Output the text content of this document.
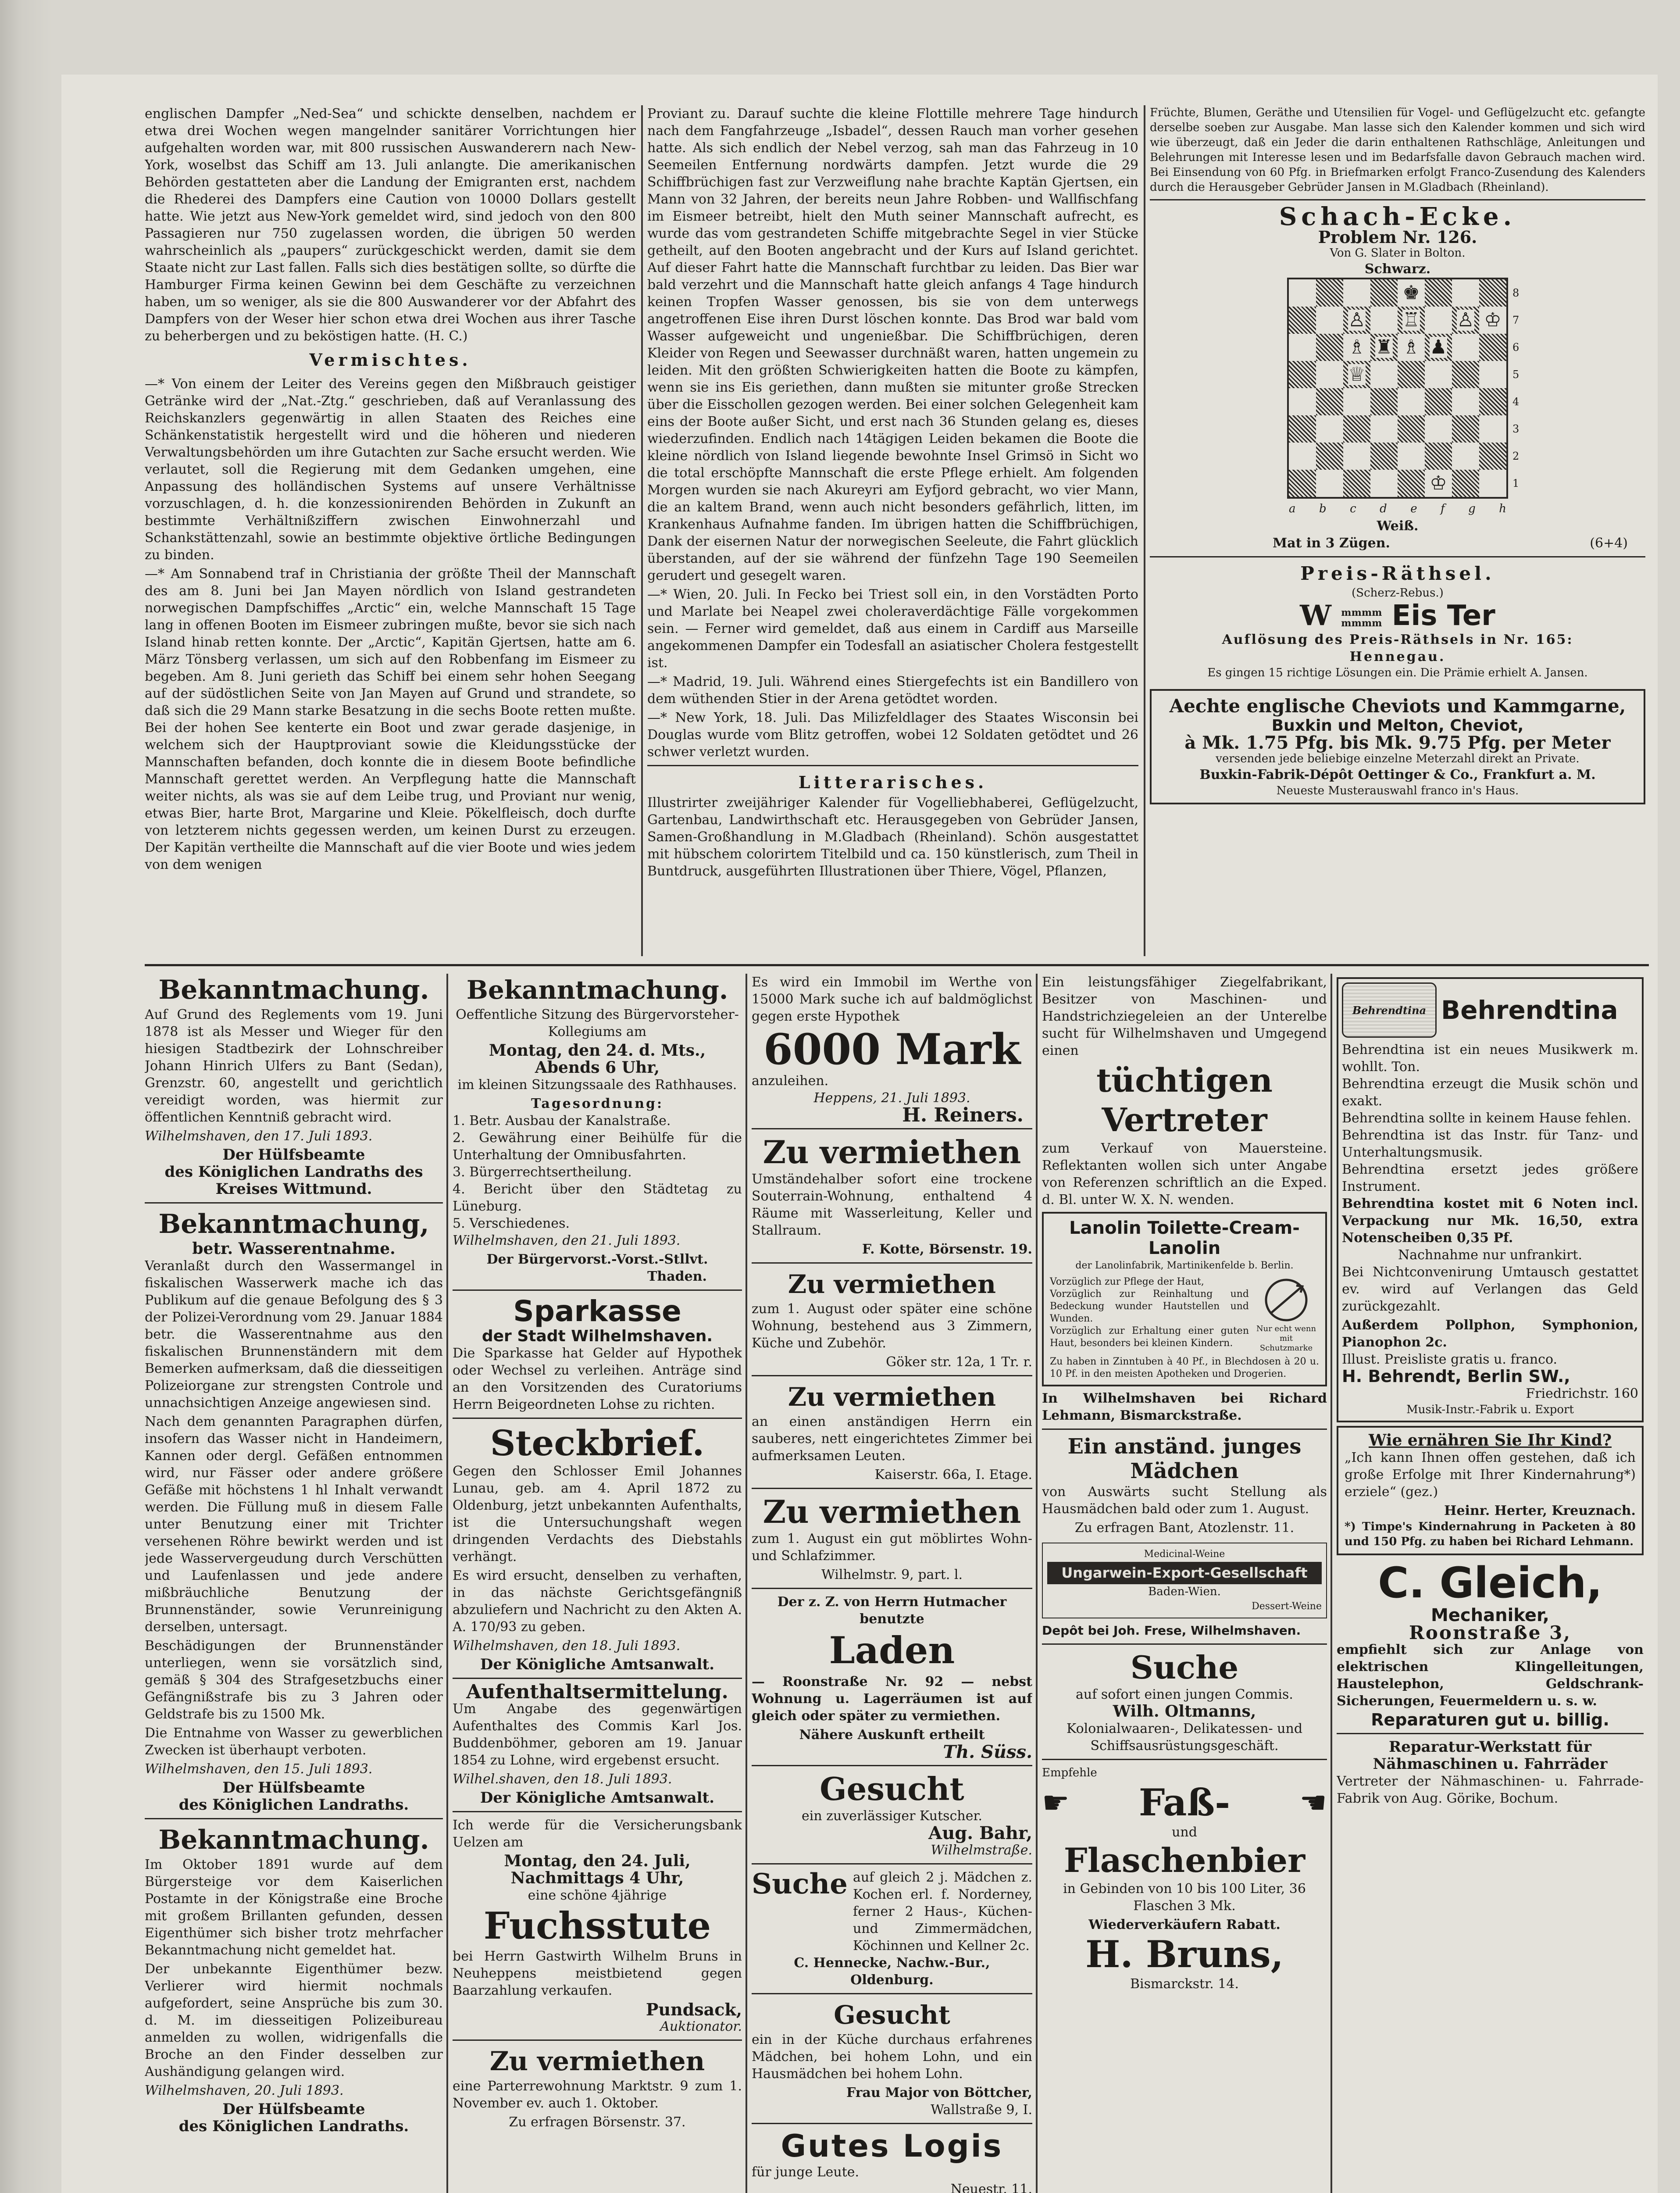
englischen Dampfer „Ned-Sea“ und schickte denselben, nachdem er etwa drei Wochen wegen mangelnder sanitärer Vorrichtungen hier aufgehalten worden war, mit 800 russischen Auswanderern nach New-York, woselbst das Schiff am 13. Juli anlangte. Die amerikanischen Behörden gestatteten aber die Landung der Emigranten erst, nachdem die Rhederei des Dampfers eine Caution von 10000 Dollars gestellt hatte. Wie jetzt aus New-York gemeldet wird, sind jedoch von den 800 Passagieren nur 750 zugelassen worden, die übrigen 50 werden wahrscheinlich als „paupers“ zurückgeschickt werden, damit sie dem Staate nicht zur Last fallen. Falls sich dies bestätigen sollte, so dürfte die Hamburger Firma keinen Gewinn bei dem Geschäfte zu verzeichnen haben, um so weniger, als sie die 800 Auswanderer vor der Abfahrt des Dampfers von der Weser hier schon etwa drei Wochen aus ihrer Tasche zu beherbergen und zu beköstigen hatte. (H. C.)

Vermischtes.

—* Von einem der Leiter des Vereins gegen den Mißbrauch geistiger Getränke wird der „Nat.-Ztg.“ geschrieben, daß auf Veranlassung des Reichskanzlers gegenwärtig in allen Staaten des Reiches eine Schänkenstatistik hergestellt wird und die höheren und niederen Verwaltungsbehörden um ihre Gutachten zur Sache ersucht werden. Wie verlautet, soll die Regierung mit dem Gedanken umgehen, eine Anpassung des holländischen Systems auf unsere Verhältnisse vorzuschlagen, d. h. die konzessionirenden Behörden in Zukunft an bestimmte Verhältnißziffern zwischen Einwohnerzahl und Schankstättenzahl, sowie an bestimmte objektive örtliche Bedingungen zu binden.

—* Am Sonnabend traf in Christiania der größte Theil der Mannschaft des am 8. Juni bei Jan Mayen nördlich von Island gestrandeten norwegischen Dampfschiffes „Arctic“ ein, welche Mannschaft 15 Tage lang in offenen Booten im Eismeer zubringen mußte, bevor sie sich nach Island hinab retten konnte. Der „Arctic“, Kapitän Gjertsen, hatte am 6. März Tönsberg verlassen, um sich auf den Robbenfang im Eismeer zu begeben. Am 8. Juni gerieth das Schiff bei einem sehr hohen Seegang auf der südöstlichen Seite von Jan Mayen auf Grund und strandete, so daß sich die 29 Mann starke Besatzung in die sechs Boote retten mußte. Bei der hohen See kenterte ein Boot und zwar gerade dasjenige, in welchem sich der Hauptproviant sowie die Kleidungsstücke der Mannschaften befanden, doch konnte die in diesem Boote befindliche Mannschaft gerettet werden. An Verpflegung hatte die Mannschaft weiter nichts, als was sie auf dem Leibe trug, und Proviant nur wenig, etwas Bier, harte Brot, Margarine und Kleie. Pökelfleisch, doch durfte von letzterem nichts gegessen werden, um keinen Durst zu erzeugen. Der Kapitän vertheilte die Mannschaft auf die vier Boote und wies jedem von dem wenigen

Proviant zu. Darauf suchte die kleine Flottille mehrere Tage hindurch nach dem Fangfahrzeuge „Isbadel“, dessen Rauch man vorher gesehen hatte. Als sich endlich der Nebel verzog, sah man das Fahrzeug in 10 Seemeilen Entfernung nordwärts dampfen. Jetzt wurde die 29 Schiffbrüchigen fast zur Verzweiflung nahe brachte Kaptän Gjertsen, ein Mann von 32 Jahren, der bereits neun Jahre Robben- und Wallfischfang im Eismeer betreibt, hielt den Muth seiner Mannschaft aufrecht, es wurde das vom gestrandeten Schiffe mitgebrachte Segel in vier Stücke getheilt, auf den Booten angebracht und der Kurs auf Island gerichtet. Auf dieser Fahrt hatte die Mannschaft furchtbar zu leiden. Das Bier war bald verzehrt und die Mannschaft hatte gleich anfangs 4 Tage hindurch keinen Tropfen Wasser genossen, bis sie von dem unterwegs angetroffenen Eise ihren Durst löschen konnte. Das Brod war bald vom Wasser aufgeweicht und ungenießbar. Die Schiffbrüchigen, deren Kleider von Regen und Seewasser durchnäßt waren, hatten ungemein zu leiden. Mit den größten Schwierigkeiten hatten die Boote zu kämpfen, wenn sie ins Eis geriethen, dann mußten sie mitunter große Strecken über die Eisschollen gezogen werden. Bei einer solchen Gelegenheit kam eins der Boote außer Sicht, und erst nach 36 Stunden gelang es, dieses wiederzufinden. Endlich nach 14tägigen Leiden bekamen die Boote die kleine nördlich von Island liegende bewohnte Insel Grimsö in Sicht wo die total erschöpfte Mannschaft die erste Pflege erhielt. Am folgenden Morgen wurden sie nach Akureyri am Eyfjord gebracht, wo vier Mann, die an kaltem Brand, wenn auch nicht besonders gefährlich, litten, im Krankenhaus Aufnahme fanden. Im übrigen hatten die Schiffbrüchigen, Dank der eisernen Natur der norwegischen Seeleute, die Fahrt glücklich überstanden, auf der sie während der fünfzehn Tage 190 Seemeilen gerudert und gesegelt waren.

—* Wien, 20. Juli. In Fecko bei Triest soll ein, in den Vorstädten Porto und Marlate bei Neapel zwei choleraverdächtige Fälle vorgekommen sein. — Ferner wird gemeldet, daß aus einem in Cardiff aus Marseille angekommenen Dampfer ein Todesfall an asiatischer Cholera festgestellt ist.

—* Madrid, 19. Juli. Während eines Stiergefechts ist ein Bandillero von dem wüthenden Stier in der Arena getödtet worden.

—* New York, 18. Juli. Das Milizfeldlager des Staates Wisconsin bei Douglas wurde vom Blitz getroffen, wobei 12 Soldaten getödtet und 26 schwer verletzt wurden.

Litterarisches.

Illustrirter zweijähriger Kalender für Vogelliebhaberei, Geflügelzucht, Gartenbau, Landwirthschaft etc. Herausgegeben von Gebrüder Jansen, Samen-Großhandlung in M.Gladbach (Rheinland). Schön ausgestattet mit hübschem colorirtem Titelbild und ca. 150 künstlerisch, zum Theil in Buntdruck, ausgeführten Illustrationen über Thiere, Vögel, Pflanzen,

Früchte, Blumen, Geräthe und Utensilien für Vogel- und Geflügelzucht etc. gefangte derselbe soeben zur Ausgabe. Man lasse sich den Kalender kommen und sich wird wie überzeugt, daß ein Jeder die darin enthaltenen Rathschläge, Anleitungen und Belehrungen mit Interesse lesen und im Bedarfsfalle davon Gebrauch machen wird. Bei Einsendung von 60 Pfg. in Briefmarken erfolgt Franco-Zusendung des Kalenders durch die Herausgeber Gebrüder Jansen in M.Gladbach (Rheinland).

Schach-Ecke.
Problem Nr. 126.
Von G. Slater in Bolton.
Schwarz.
♚
♙ ♖ ♙ ♔
♗ ♜ ♗ ♟
♕
♔
8
7
6
5
4
3
2
1
a b c d e f g h
Weiß.
Mat in 3 Zügen.	(6+4)
Preis-Räthsel.
(Scherz-Rebus.)
W mmmm
mmmm Eis Ter
Auflösung des Preis-Räthsels in Nr. 165:
Hennegau.
Es gingen 15 richtige Lösungen ein. Die Prämie erhielt A. Jansen.
Aechte englische Cheviots und Kammgarne,
Buxkin und Melton, Cheviot,
à Mk. 1.75 Pfg. bis Mk. 9.75 Pfg. per Meter
versenden jede beliebige einzelne Meterzahl direkt an Private.
Buxkin-Fabrik-Dépôt Oettinger & Co., Frankfurt a. M.
Neueste Musterauswahl franco in's Haus.
Bekanntmachung.

Auf Grund des Reglements vom 19. Juni 1878 ist als Messer und Wieger für den hiesigen Stadtbezirk der Lohnschreiber Johann Hinrich Ulfers zu Bant (Sedan), Grenzstr. 60, angestellt und gerichtlich vereidigt worden, was hiermit zur öffentlichen Kenntniß gebracht wird.

Wilhelmshaven, den 17. Juli 1893.

Der Hülfsbeamte
des Königlichen Landraths des Kreises Wittmund.
Bekanntmachung,
betr. Wasserentnahme.

Veranlaßt durch den Wassermangel in fiskalischen Wasserwerk mache ich das Publikum auf die genaue Befolgung des § 3 der Polizei-Verordnung vom 29. Januar 1884 betr. die Wasserentnahme aus den fiskalischen Brunnenständern mit dem Bemerken aufmerksam, daß die diesseitigen Polizeiorgane zur strengsten Controle und unnachsichtigen Anzeige angewiesen sind.

Nach dem genannten Paragraphen dürfen, insofern das Wasser nicht in Handeimern, Kannen oder dergl. Gefäßen entnommen wird, nur Fässer oder andere größere Gefäße mit höchstens 1 hl Inhalt verwandt werden. Die Füllung muß in diesem Falle unter Benutzung einer mit Trichter versehenen Röhre bewirkt werden und ist jede Wasservergeudung durch Verschütten und Laufenlassen und jede andere mißbräuchliche Benutzung der Brunnenständer, sowie Verunreinigung derselben, untersagt.

Beschädigungen der Brunnenständer unterliegen, wenn sie vorsätzlich sind, gemäß § 304 des Strafgesetzbuchs einer Gefängnißstrafe bis zu 3 Jahren oder Geldstrafe bis zu 1500 Mk.

Die Entnahme von Wasser zu gewerblichen Zwecken ist überhaupt verboten.

Wilhelmshaven, den 15. Juli 1893.

Der Hülfsbeamte
des Königlichen Landraths.
Bekanntmachung.

Im Oktober 1891 wurde auf dem Bürgersteige vor dem Kaiserlichen Postamte in der Königstraße eine Broche mit großem Brillanten gefunden, dessen Eigenthümer sich bisher trotz mehrfacher Bekanntmachung nicht gemeldet hat.

Der unbekannte Eigenthümer bezw. Verlierer wird hiermit nochmals aufgefordert, seine Ansprüche bis zum 30. d. M. im diesseitigen Polizeibureau anmelden zu wollen, widrigenfalls die Broche an den Finder desselben zur Aushändigung gelangen wird.

Wilhelmshaven, 20. Juli 1893.

Der Hülfsbeamte
des Königlichen Landraths.
Bekanntmachung.

Oeffentliche Sitzung des Bürgervorsteher-Kollegiums am

Montag, den 24. d. Mts.,
Abends 6 Uhr,

im kleinen Sitzungssaale des Rathhauses.

Tagesordnung:
1. Betr. Ausbau der Kanalstraße.
2. Gewährung einer Beihülfe für die Unterhaltung der Omnibusfahrten.
3. Bürgerrechtsertheilung.
4. Bericht über den Städtetag zu Lüneburg.
5. Verschiedenes.

Wilhelmshaven, den 21. Juli 1893.

Der Bürgervorst.-Vorst.-Stllvt.
Thaden.
Sparkasse
der Stadt Wilhelmshaven.

Die Sparkasse hat Gelder auf Hypothek oder Wechsel zu verleihen. Anträge sind an den Vorsitzenden des Curatoriums Herrn Beigeordneten Lohse zu richten.

Steckbrief.

Gegen den Schlosser Emil Johannes Lunau, geb. am 4. April 1872 zu Oldenburg, jetzt unbekannten Aufenthalts, ist die Untersuchungshaft wegen dringenden Verdachts des Diebstahls verhängt.

Es wird ersucht, denselben zu verhaften, in das nächste Gerichtsgefängniß abzuliefern und Nachricht zu den Akten A. A. 170/93 zu geben.

Wilhelmshaven, den 18. Juli 1893.

Der Königliche Amtsanwalt.
Aufenthaltsermittelung.

Um Angabe des gegenwärtigen Aufenthaltes des Commis Karl Jos. Buddenböhmer, geboren am 19. Januar 1854 zu Lohne, wird ergebenst ersucht.

Wilhel.shaven, den 18. Juli 1893.

Der Königliche Amtsanwalt.

Ich werde für die Versicherungsbank Uelzen am

Montag, den 24. Juli,
Nachmittags 4 Uhr,
eine schöne 4jährige
Fuchsstute

bei Herrn Gastwirth Wilhelm Bruns in Neuheppens meistbietend gegen Baarzahlung verkaufen.

Pundsack,
Auktionator.
Zu vermiethen

eine Parterrewohnung Marktstr. 9 zum 1. November ev. auch 1. Oktober.

Zu erfragen Börsenstr. 37.

Es wird ein Immobil im Werthe von 15000 Mark suche ich auf baldmöglichst gegen erste Hypothek

6000 Mark
anzuleihen.
Heppens, 21. Juli 1893.
H. Reiners.
Zu vermiethen

Umständehalber sofort eine trockene Souterrain-Wohnung, enthaltend 4 Räume mit Wasserleitung, Keller und Stallraum.

F. Kotte, Börsenstr. 19.
Zu vermiethen

zum 1. August oder später eine schöne Wohnung, bestehend aus 3 Zimmern, Küche und Zubehör.

Göker str. 12a, 1 Tr. r.
Zu vermiethen

an einen anständigen Herrn ein sauberes, nett eingerichtetes Zimmer bei aufmerksamen Leuten.

Kaiserstr. 66a, I. Etage.
Zu vermiethen

zum 1. August ein gut möblirtes Wohn- und Schlafzimmer.

Wilhelmstr. 9, part. l.
Der z. Z. von Herrn Hutmacher benutzte
Laden

— Roonstraße Nr. 92 — nebst Wohnung u. Lagerräumen ist auf gleich oder später zu vermiethen.

Nähere Auskunft ertheilt
Th. Süss.
Gesucht
ein zuverlässiger Kutscher.
Aug. Bahr,
Wilhelmstraße.
Suche auf gleich 2 j. Mädchen z. Kochen erl. f. Norderney, ferner 2 Haus-, Küchen- und Zimmermädchen, Köchinnen und Kellner 2c.
C. Hennecke, Nachw.-Bur., Oldenburg.
Gesucht

ein in der Küche durchaus erfahrenes Mädchen, bei hohem Lohn, und ein Hausmädchen bei hohem Lohn.

Frau Major von Böttcher,
Wallstraße 9, I.
Gutes Logis
für junge Leute.
Neuestr. 11.

Ein leistungsfähiger Ziegelfabrikant, Besitzer von Maschinen- und Handstrichziegeleien an der Unterelbe sucht für Wilhelmshaven und Umgegend einen

tüchtigen Vertreter

zum Verkauf von Mauersteine. Reflektanten wollen sich unter Angabe von Referenzen schriftlich an die Exped. d. Bl. unter W. X. N. wenden.

Lanolin Toilette-Cream- Lanolin
der Lanolinfabrik, Martinikenfelde b. Berlin.
Vorzüglich zur Pflege der Haut,
Vorzüglich zur Reinhaltung und Bedeckung wunder Hautstellen und Wunden.
Vorzüglich zur Erhaltung einer guten Haut, besonders bei kleinen Kindern.
Nur echt wenn mit Schutzmarke
Zu haben in Zinntuben à 40 Pf., in Blechdosen à 20 u. 10 Pf. in den meisten Apotheken und Drogerien.

In Wilhelmshaven bei Richard Lehmann, Bismarckstraße.

Ein anständ. junges Mädchen

von Auswärts sucht Stellung als Hausmädchen bald oder zum 1. August.

Zu erfragen Bant, Atozlenstr. 11.
Medicinal-Weine
Ungarwein-Export-Gesellschaft
Baden-Wien.
Dessert-Weine
Depôt bei Joh. Frese, Wilhelmshaven.
Suche
auf sofort einen jungen Commis.
Wilh. Oltmanns,

Kolonialwaaren-, Delikatessen- und Schiffsausrüstungsgeschäft.

Empfehle
☛ Faß- ☚
und
Flaschenbier

in Gebinden von 10 bis 100 Liter, 36 Flaschen 3 Mk.

Wiederverkäufern Rabatt.
H. Bruns,
Bismarckstr. 14.
Behrendtina Behrendtina
Behrendtina ist ein neues Musikwerk m. wohllt. Ton.
Behrendtina erzeugt die Musik schön und exakt.
Behrendtina sollte in keinem Hause fehlen.
Behrendtina ist das Instr. für Tanz- und Unterhaltungsmusik.
Behrendtina ersetzt jedes größere Instrument.
Behrendtina kostet mit 6 Noten incl. Verpackung nur Mk. 16,50, extra Notenscheiben 0,35 Pf.
Nachnahme nur unfrankirt.

Bei Nichtconvenirung Umtausch gestattet ev. wird auf Verlangen das Geld zurückgezahlt.

Außerdem Pollphon, Symphonion, Pianophon 2c.
Illust. Preisliste gratis u. franco.
H. Behrendt, Berlin SW.,
Friedrichstr. 160
Musik-Instr.-Fabrik u. Export
Wie ernähren Sie Ihr Kind?

„Ich kann Ihnen offen gestehen, daß ich große Erfolge mit Ihrer Kindernahrung*) erziele“ (gez.)

Heinr. Herter, Kreuznach.
*) Timpe's Kindernahrung in Packeten à 80 und 150 Pfg. zu haben bei Richard Lehmann.
C. Gleich,
Mechaniker,
Roonstraße 3,

empfiehlt sich zur Anlage von elektrischen Klingelleitungen, Haustelephon, Geldschrank-Sicherungen, Feuermeldern u. s. w.

Reparaturen gut u. billig.
Reparatur-Werkstatt für Nähmaschinen u. Fahrräder

Vertreter der Nähmaschinen- u. Fahrrade-Fabrik von Aug. Görike, Bochum.
